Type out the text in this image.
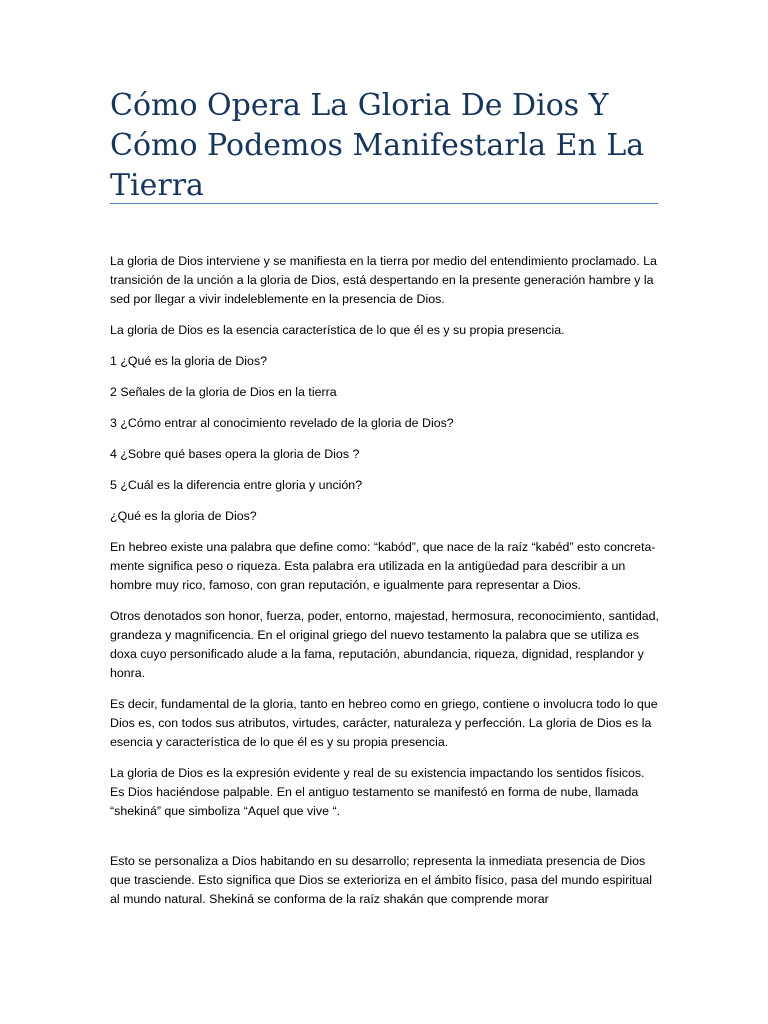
Cómo Opera La Gloria De Dios Y Cómo Podemos Manifestarla En La Tierra

La gloria de Dios interviene y se manifiesta en la tierra por medio del entendimiento proclamado. La transición de la unción a la gloria de Dios, está despertando en la presente generación hambre y la sed por llegar a vivir indeleblemente en la presencia de Dios.

La gloria de Dios es la esencia característica de lo que él es y su propia presencia.

1 ¿Qué es la gloria de Dios?

2 Señales de la gloria de Dios en la tierra

3 ¿Cómo entrar al conocimiento revelado de la gloria de Dios?

4 ¿Sobre qué bases opera la gloria de Dios ?

5 ¿Cuál es la diferencia entre gloria y unción?

¿Qué es la gloria de Dios?

En hebreo existe una palabra que define como: “kabód”, que nace de la raíz “kabéd” esto concreta-mente significa peso o riqueza. Esta palabra era utilizada en la antigüedad para describir a un hombre muy rico, famoso, con gran reputación, e igualmente para representar a Dios.

Otros denotados son honor, fuerza, poder, entorno, majestad, hermosura, reconocimiento, santidad, grandeza y magnificencia. En el original griego del nuevo testamento la palabra que se utiliza es doxa cuyo personificado alude a la fama, reputación, abundancia, riqueza, dignidad, resplandor y honra.

Es decir, fundamental de la gloria, tanto en hebreo como en griego, contiene o involucra todo lo que Dios es, con todos sus atributos, virtudes, carácter, naturaleza y perfección. La gloria de Dios es la esencia y característica de lo que él es y su propia presencia.

La gloria de Dios es la expresión evidente y real de su existencia impactando los sentidos físicos. Es Dios haciéndose palpable. En el antiguo testamento se manifestó en forma de nube, llamada “shekiná” que simboliza “Aquel que vive “.

Esto se personaliza a Dios habitando en su desarrollo; representa la inmediata presencia de Dios que trasciende. Esto significa que Dios se exterioriza en el ámbito físico, pasa del mundo espiritual al mundo natural. Shekiná se conforma de la raíz shakán que comprende morar
